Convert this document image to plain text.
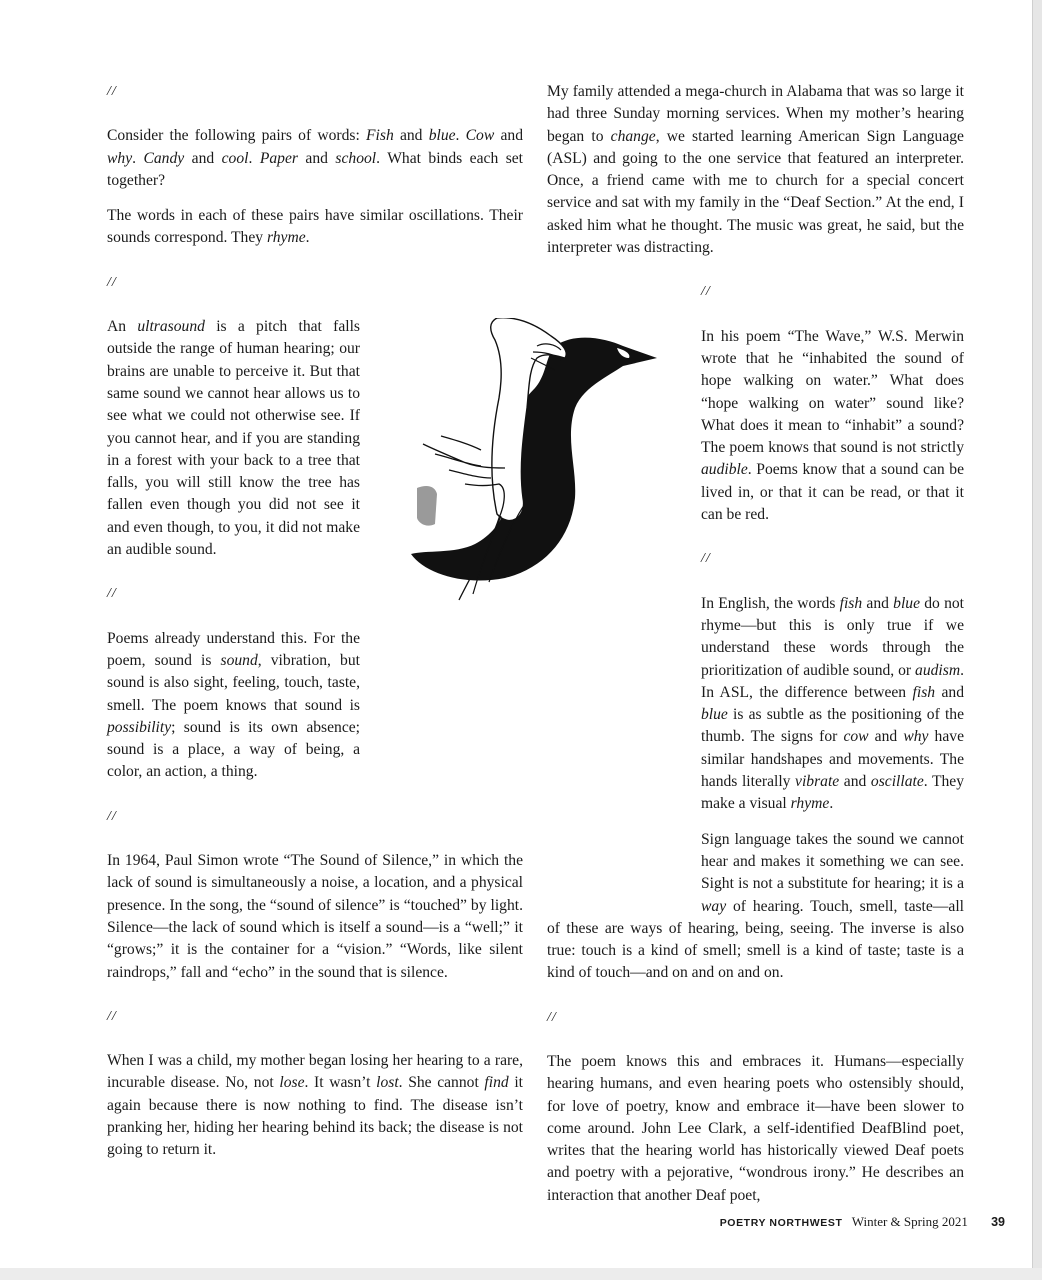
//

Consider the following pairs of words: Fish and blue. Cow and why. Candy and cool. Paper and school. What binds each set together?

The words in each of these pairs have similar oscillations. Their sounds correspond. They rhyme.

//

An ultrasound is a pitch that falls outside the range of human hearing; our brains are unable to perceive it. But that same sound we cannot hear allows us to see what we could not otherwise see. If you cannot hear, and if you are standing in a forest with your back to a tree that falls, you will still know the tree has fallen even though you did not see it and even though, to you, it did not make an audible sound.

//

Poems already understand this. For the poem, sound is sound, vibration, but sound is also sight, feeling, touch, taste, smell. The poem knows that sound is possibility; sound is its own absence; sound is a place, a way of being, a color, an action, a thing.

//

In 1964, Paul Simon wrote “The Sound of Silence,” in which the lack of sound is simultaneously a noise, a location, and a physical presence. In the song, the “sound of silence” is “touched” by light. Silence—the lack of sound which is itself a sound—is a “well;” it “grows;” it is the container for a “vision.” “Words, like silent raindrops,” fall and “echo” in the sound that is silence.

//

When I was a child, my mother began losing her hearing to a rare, incurable disease. No, not lose. It wasn’t lost. She cannot find it again because there is now nothing to find. The disease isn’t pranking her, hiding her hearing behind its back; the disease is not going to return it.

My family attended a mega-church in Alabama that was so large it had three Sunday morning services. When my mother’s hearing began to change, we started learning American Sign Language (ASL) and going to the one service that featured an interpreter. Once, a friend came with me to church for a special concert service and sat with my family in the “Deaf Section.” At the end, I asked him what he thought. The music was great, he said, but the interpreter was distracting.

//

In his poem “The Wave,” W.S. Merwin wrote that he “inhabited the sound of hope walking on water.” What does “hope walking on water” sound like? What does it mean to “inhabit” a sound? The poem knows that sound is not strictly audible. Poems know that a sound can be lived in, or that it can be read, or that it can be red.

//

In English, the words fish and blue do not rhyme—but this is only true if we understand these words through the prioritization of audible sound, or audism. In ASL, the difference between fish and blue is as subtle as the positioning of the thumb. The signs for cow and why have similar handshapes and movements. The hands literally vibrate and oscillate. They make a visual rhyme.

Sign language takes the sound we cannot hear and makes it something we can see. Sight is not a substitute for hearing; it is a way of hearing. Touch, smell, taste—all of these are ways of hearing, being, seeing. The inverse is also true: touch is a kind of smell; smell is a kind of taste; taste is a kind of touch—and on and on and on.

//

The poem knows this and embraces it. Humans—especially hearing humans, and even hearing poets who ostensibly should, for love of poetry, know and embrace it—have been slower to come around. John Lee Clark, a self-identified DeafBlind poet, writes that the hearing world has historically viewed Deaf poets and poetry with a pejorative, “wondrous irony.” He describes an interaction that another Deaf poet,

POETRY NORTHWEST Winter & Spring 2021 39
